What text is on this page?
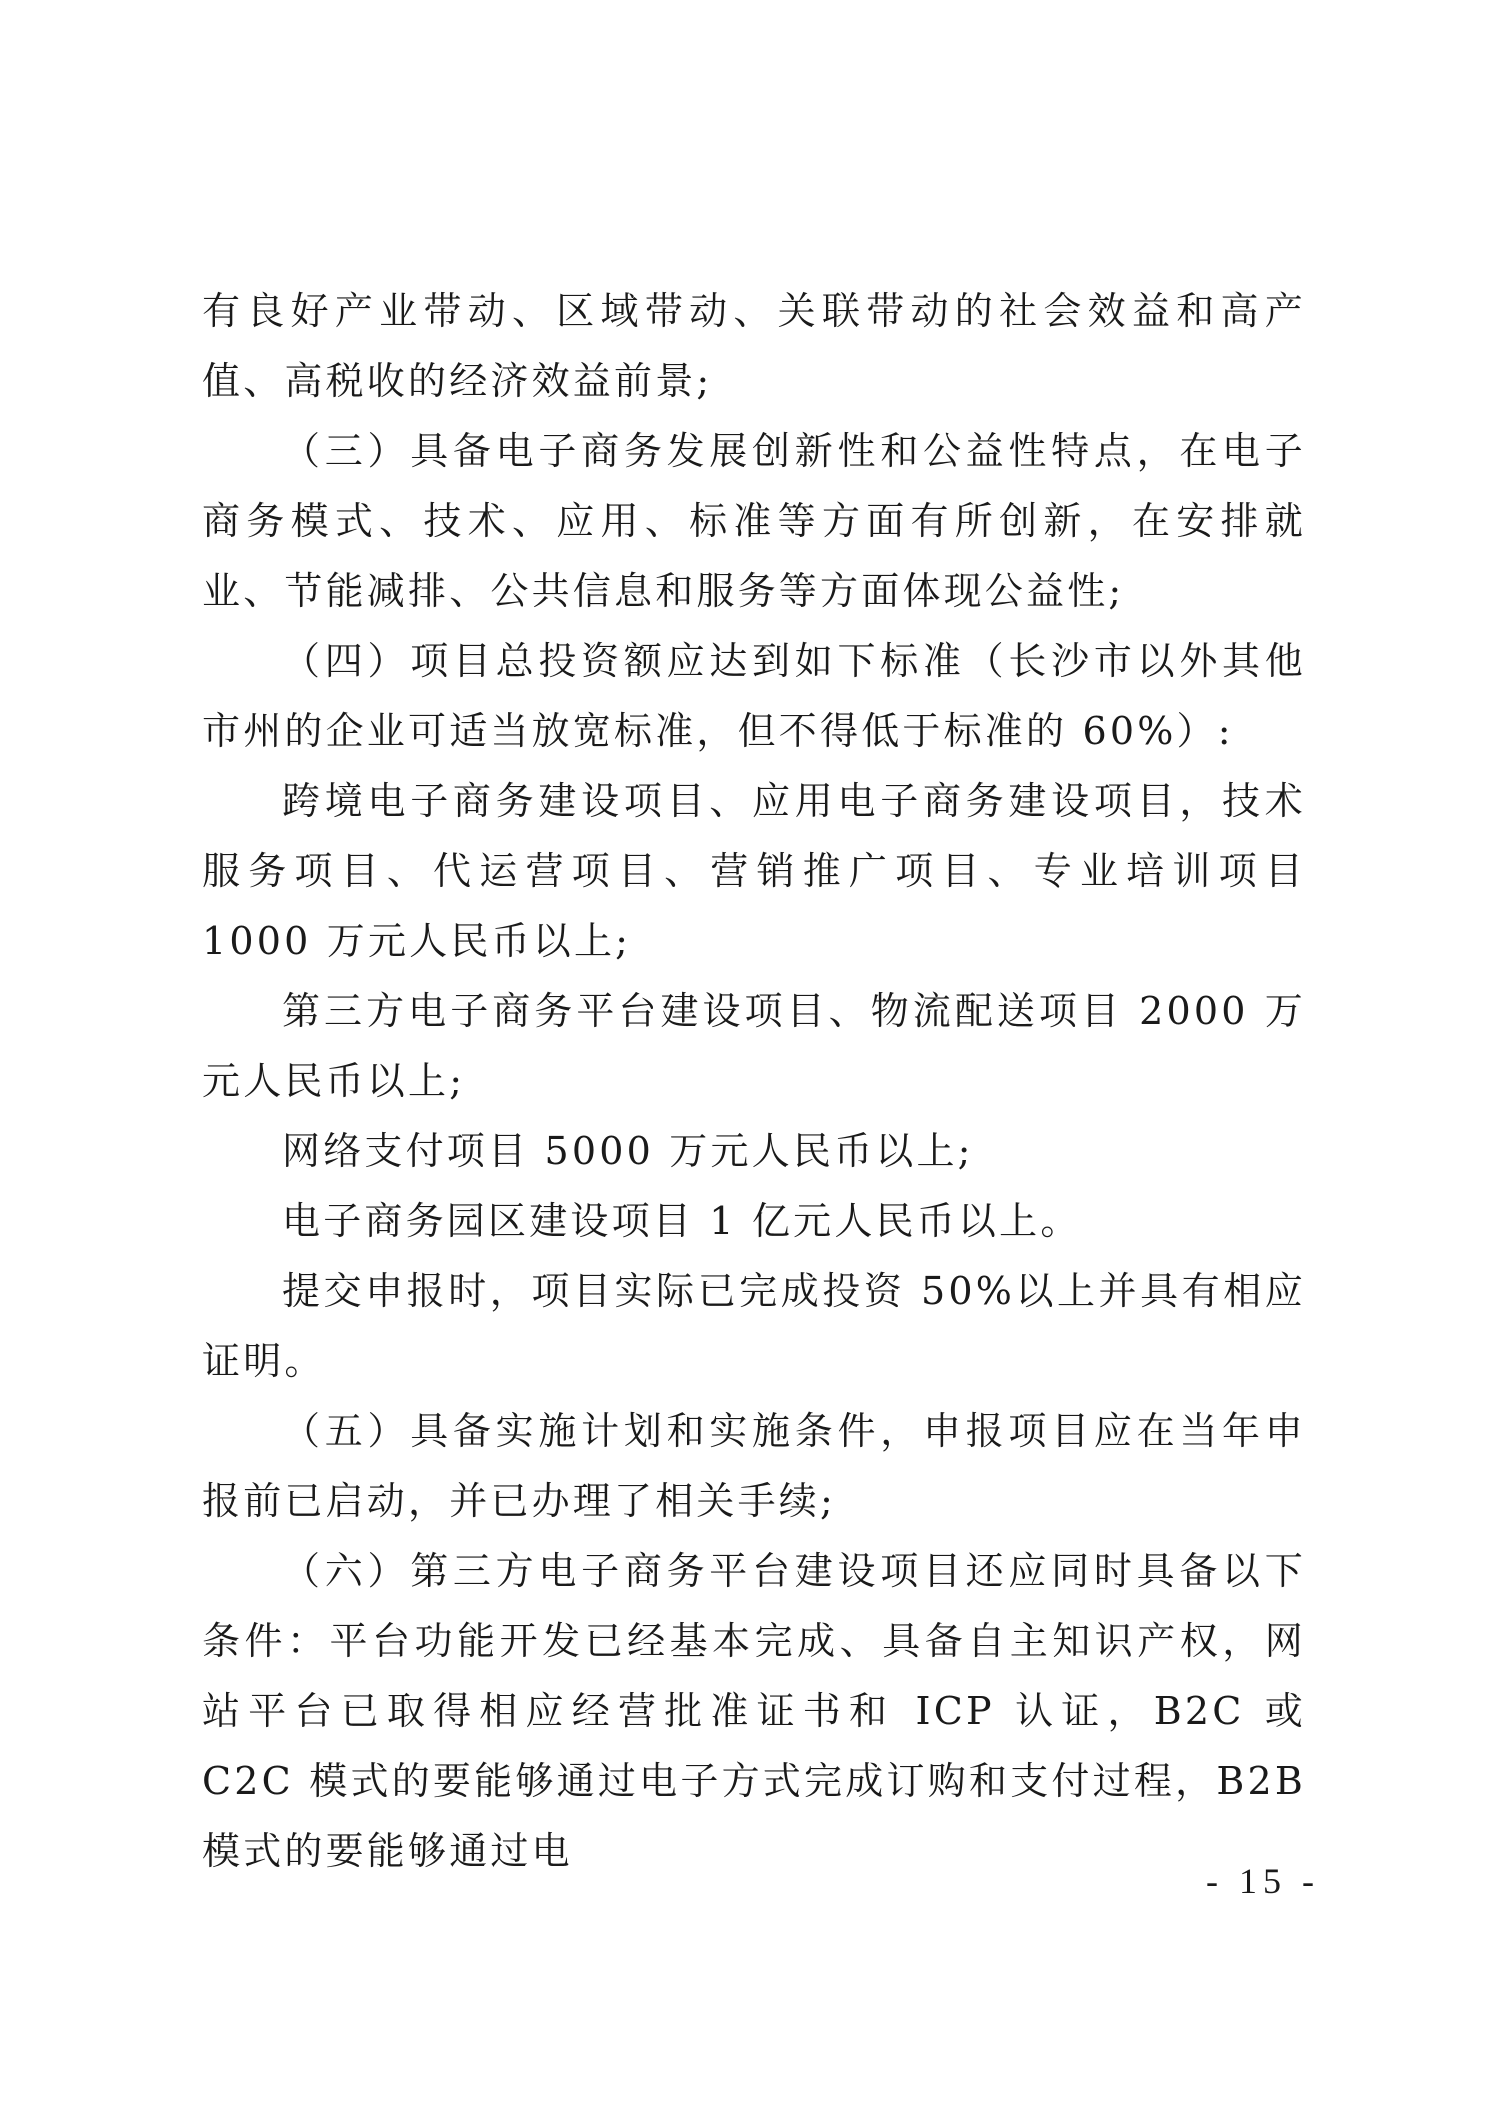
有良好产业带动、区域带动、关联带动的社会效益和高产值、高税收的经济效益前景;

（三）具备电子商务发展创新性和公益性特点，在电子商务模式、技术、应用、标准等方面有所创新，在安排就业、节能减排、公共信息和服务等方面体现公益性;

（四）项目总投资额应达到如下标准（长沙市以外其他市州的企业可适当放宽标准，但不得低于标准的 60%）:

跨境电子商务建设项目、应用电子商务建设项目，技术服务项目、代运营项目、营销推广项目、专业培训项目 1000 万元人民币以上;

第三方电子商务平台建设项目、物流配送项目 2000 万元人民币以上;

网络支付项目 5000 万元人民币以上;

电子商务园区建设项目 1 亿元人民币以上。

提交申报时，项目实际已完成投资 50%以上并具有相应证明。

（五）具备实施计划和实施条件，申报项目应在当年申报前已启动，并已办理了相关手续;

（六）第三方电子商务平台建设项目还应同时具备以下条件：平台功能开发已经基本完成、具备自主知识产权，网站平台已取得相应经营批准证书和 ICP 认证，B2C 或 C2C 模式的要能够通过电子方式完成订购和支付过程，B2B 模式的要能够通过电

- 15 -
